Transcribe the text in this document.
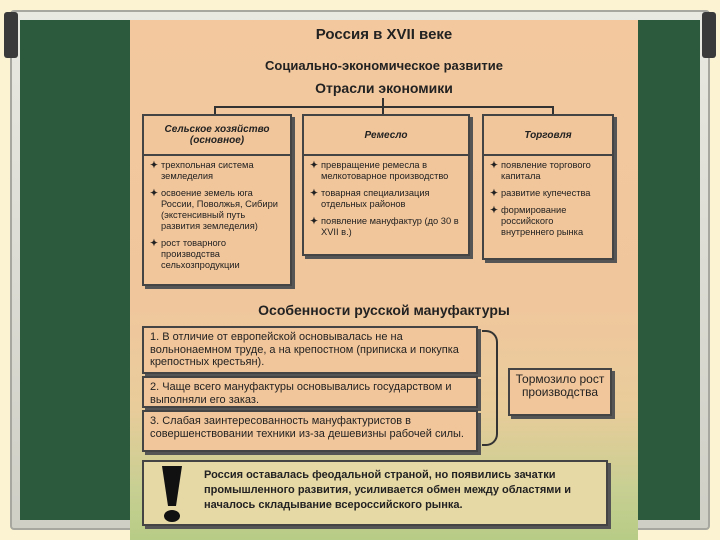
Россия в XVII веке
Социально-экономическое развитие
Отрасли экономики
Сельское хозяйство (основное)
✦ трехпольная система земледелия
✦ освоение земель юга России, Поволжья, Сибири (экстенсивный путь развития земледелия)
✦ рост товарного производства сельхозпродукции
Ремесло
✦ превращение ремесла в мелкотоварное производство
✦ товарная специализация отдельных районов
✦ появление мануфактур (до 30 в XVII в.)
Торговля
✦ появление торгового капитала
✦ развитие купечества
✦ формирование российского внутреннего рынка
Особенности русской мануфактуры
1. В отличие от европейской основывалась не на вольнонаемном труде, а на крепостном (приписка и покупка крепостных крестьян).
2. Чаще всего мануфактуры основывались государством и выполняли его заказ.
3. Слабая заинтересованность мануфактуристов в совершенствовании техники из-за дешевизны рабочей силы.
Тормозило рост производства
Россия оставалась феодальной страной, но появились зачатки промышленного развития, усиливается обмен между областями и началось складывание всероссийского рынка.
